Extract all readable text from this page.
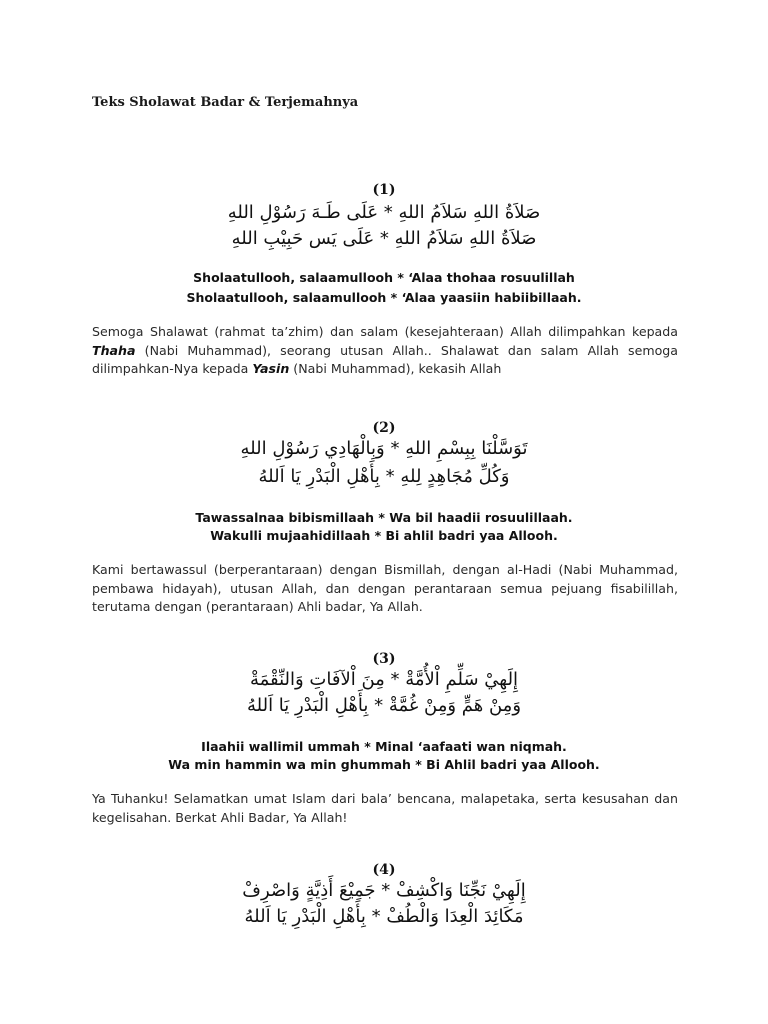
Teks Sholawat Badar & Terjemahnya
(1)
صَلاَةُ اللهِ سَلاَمُ اللهِ * عَلَى طَـهَ رَسُوْلِ اللهِ
صَلاَةُ اللهِ سَلاَمُ اللهِ * عَلَى يَس حَبِيْبِ اللهِ
Sholaatullooh, salaamullooh * ‘Alaa thohaa rosuulillah
Sholaatullooh, salaamullooh * ‘Alaa yaasiin habiibillaah.
Semoga Shalawat (rahmat ta’zhim) dan salam (kesejahteraan) Allah dilimpahkan kepada Thaha (Nabi Muhammad), seorang utusan Allah.. Shalawat dan salam Allah semoga dilimpahkan-Nya kepada Yasin (Nabi Muhammad), kekasih Allah
(2)
تَوَسَّلْنَا بِبِسْمِ اللهِ * وَبِالْهَادِي رَسُوْلِ اللهِ
وَكُلِّ مُجَاهِدٍ لِلهِ * بِأَهْلِ الْبَدْرِ يَا اَللهُ
Tawassalnaa bibismillaah * Wa bil haadii rosuulillaah.
Wakulli mujaahidillaah * Bi ahlil badri yaa Allooh.
Kami bertawassul (berperantaraan) dengan Bismillah, dengan al-Hadi (Nabi Muhammad, pembawa hidayah), utusan Allah, dan dengan perantaraan semua pejuang fisabilillah, terutama dengan (perantaraan) Ahli badar, Ya Allah.
(3)
إِلَهِيْ سَلِّمِ اْلأُمَّةْ * مِنَ اْلآفَاتِ وَالنِّقْمَةْ
وَمِنْ هَمٍّ وَمِنْ غُمَّةْ * بِأَهْلِ الْبَدْرِ يَا اَللهُ
Ilaahii wallimil ummah * Minal ‘aafaati wan niqmah.
Wa min hammin wa min ghummah * Bi Ahlil badri yaa Allooh.
Ya Tuhanku! Selamatkan umat Islam dari bala’ bencana, malapetaka, serta kesusahan dan kegelisahan. Berkat Ahli Badar, Ya Allah!
(4)
إِلَهِيْ نَجِّنَا وَاكْشِفْ * جَمِيْعَ أَذِيَّةٍ وَاصْرِفْ
مَكَائِدَ الْعِدَا وَالْطُفْ * بِأَهْلِ الْبَدْرِ يَا اَللهُ
